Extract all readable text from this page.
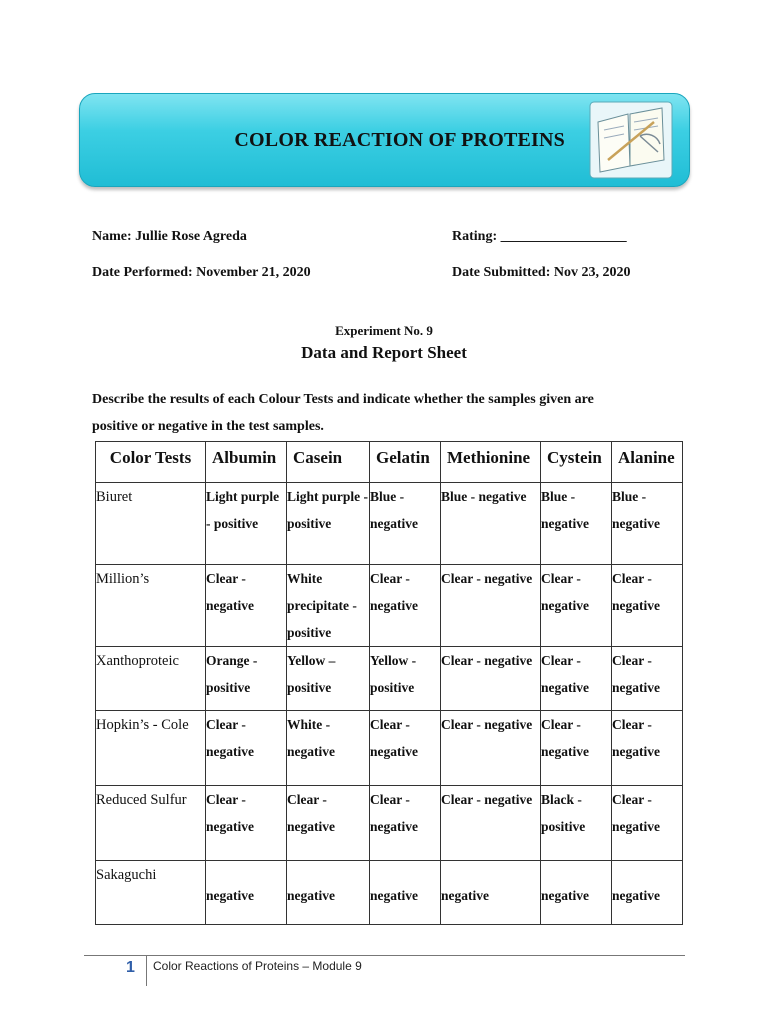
COLOR REACTION OF PROTEINS
Name: Jullie Rose Agreda	Rating: __________________
Date Performed: November 21, 2020	Date Submitted: Nov 23, 2020
Experiment No. 9
Data and Report Sheet
Describe the results of each Colour Tests and indicate whether the samples given are
positive or negative in the test samples.
Color Tests	Albumin	Casein	Gelatin	Methionine	Cystein	Alanine
Biuret	Light purple - positive	Light purple - positive	Blue - negative	Blue - negative	Blue - negative	Blue - negative
Million’s	Clear - negative	White precipitate - positive	Clear - negative	Clear - negative	Clear - negative	Clear - negative
Xanthoproteic	Orange - positive	Yellow – positive	Yellow - positive	Clear - negative	Clear - negative	Clear - negative
Hopkin’s - Cole	Clear - negative	White - negative	Clear - negative	Clear - negative	Clear - negative	Clear - negative
Reduced Sulfur	Clear - negative	Clear - negative	Clear - negative	Clear - negative	Black - positive	Clear - negative
Sakaguchi	negative	negative	negative	negative	negative	negative
1 Color Reactions of Proteins – Module 9
